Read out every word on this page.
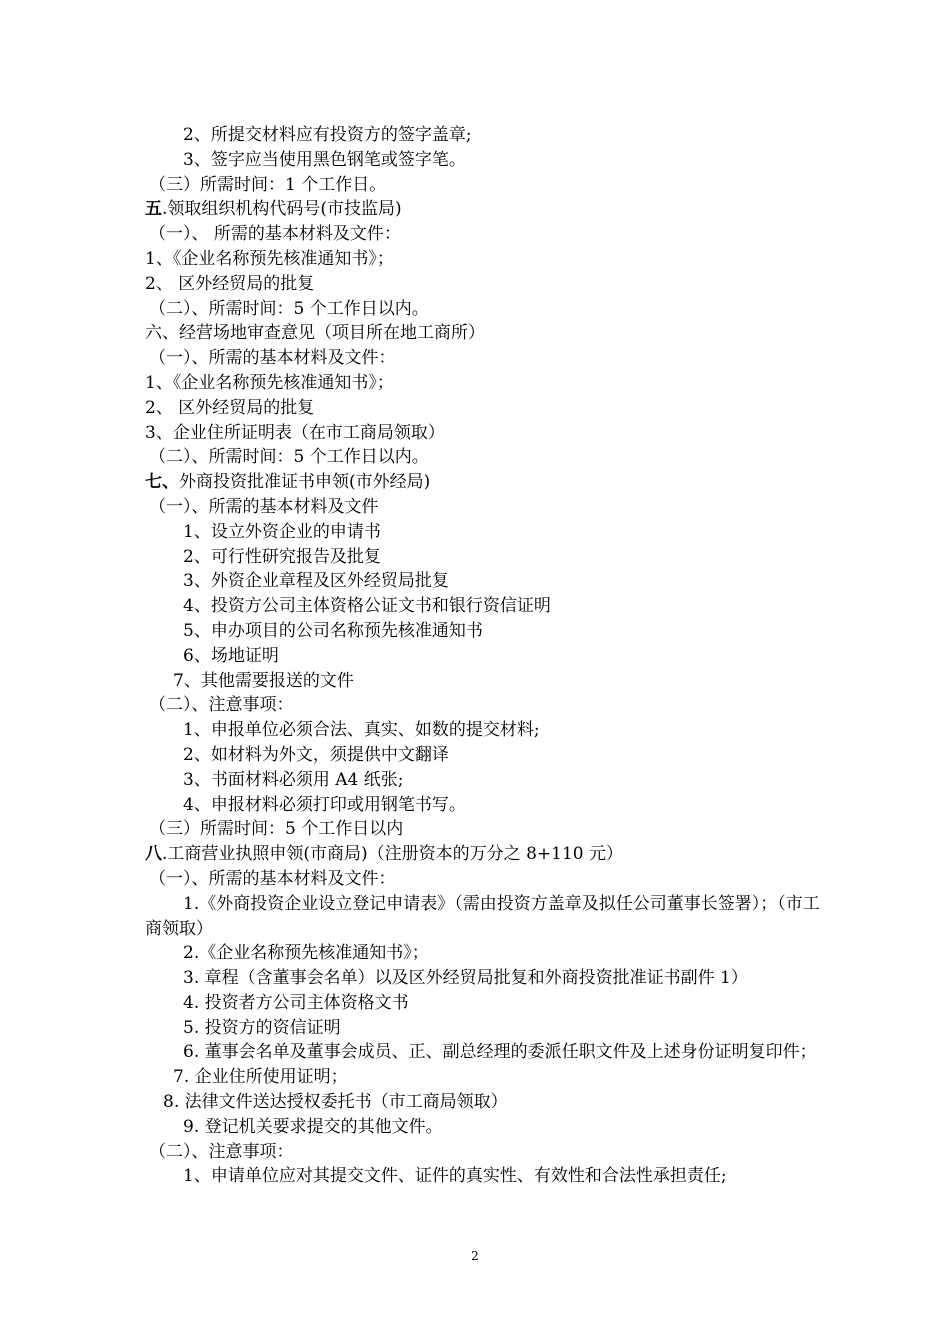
2、所提交材料应有投资方的签字盖章;
3、签字应当使用黑色钢笔或签字笔。
（三）所需时间：1 个工作日。
五.领取组织机构代码号(市技监局)
（一）、 所需的基本材料及文件：
1、《企业名称预先核准通知书》；
2、 区外经贸局的批复
（二）、所需时间：5 个工作日以内。
六、经营场地审查意见（项目所在地工商所）
（一）、所需的基本材料及文件：
1、《企业名称预先核准通知书》；
2、 区外经贸局的批复
3、企业住所证明表（在市工商局领取）
（二）、所需时间：5 个工作日以内。
七、外商投资批准证书申领(市外经局)
（一）、所需的基本材料及文件
1、设立外资企业的申请书
2、可行性研究报告及批复
3、外资企业章程及区外经贸局批复
4、投资方公司主体资格公证文书和银行资信证明
5、申办项目的公司名称预先核准通知书
6、场地证明
7、其他需要报送的文件
（二）、注意事项：
1、申报单位必须合法、真实、如数的提交材料;
2、如材料为外文，须提供中文翻译
3、书面材料必须用 A4 纸张;
4、申报材料必须打印或用钢笔书写。
（三）所需时间：5 个工作日以内
八.工商营业执照申领(市商局)（注册资本的万分之 8+110 元）
（一）、所需的基本材料及文件：
1.《外商投资企业设立登记申请表》（需由投资方盖章及拟任公司董事长签署）；（市工商领取）
2.《企业名称预先核准通知书》；
3. 章程（含董事会名单）以及区外经贸局批复和外商投资批准证书副件 1）
4. 投资者方公司主体资格文书
5. 投资方的资信证明
6. 董事会名单及董事会成员、正、副总经理的委派任职文件及上述身份证明复印件；
7. 企业住所使用证明；
8. 法律文件送达授权委托书（市工商局领取）
9. 登记机关要求提交的其他文件。
（二）、注意事项：
1、申请单位应对其提交文件、证件的真实性、有效性和合法性承担责任;
2
